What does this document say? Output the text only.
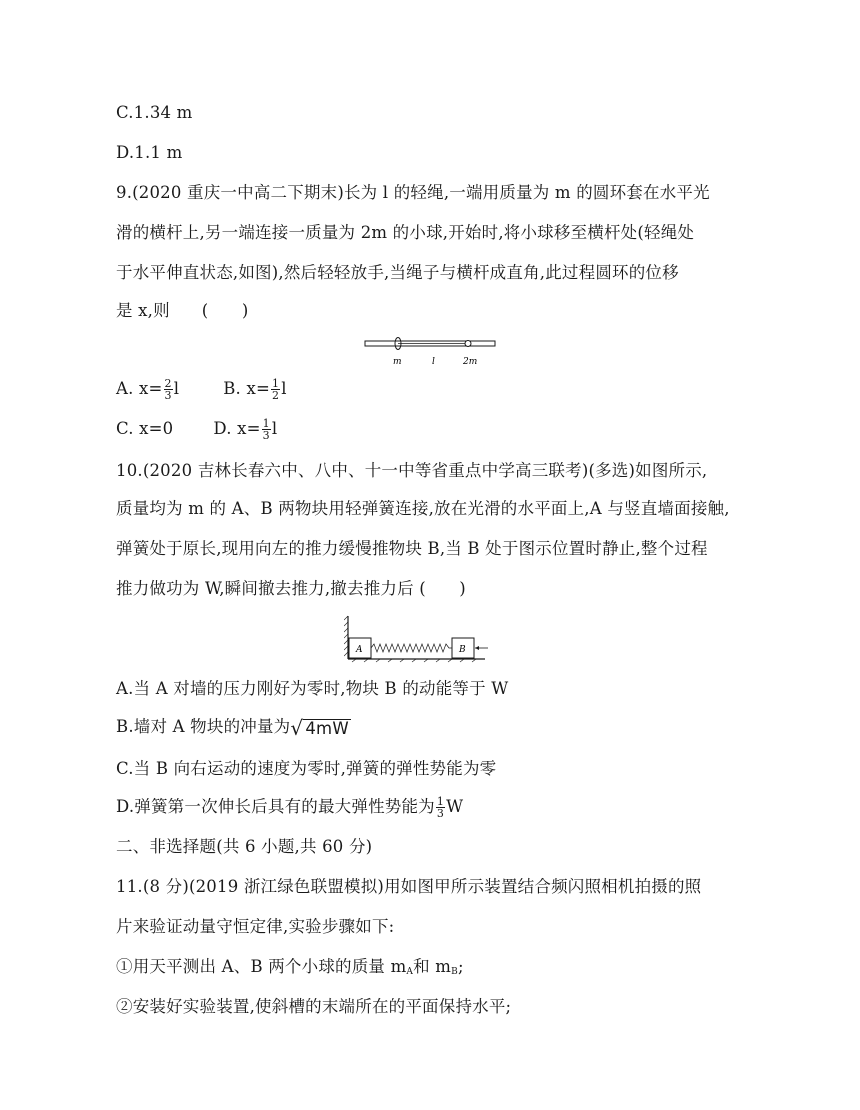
C.1.34 m
D.1.1 m
9.(2020 重庆一中高二下期末)长为 l 的轻绳,一端用质量为 m 的圆环套在水平光
滑的横杆上,另一端连接一质量为 2m 的小球,开始时,将小球移至横杆处(轻绳处
于水平伸直状态,如图),然后轻轻放手,当绳子与横杆成直角,此过程圆环的位移
是 x,则 (　　)
m	l	2m
A. $x= \frac{2}{3}$ l	B. $x= \frac{1}{2}$ l
C. x=0 D. $x= \frac{1}{3}$ l
10.(2020 吉林长春六中、八中、十一中等省重点中学高三联考)(多选)如图所示,
质量均为 m 的 A、B 两物块用轻弹簧连接,放在光滑的水平面上,A 与竖直墙面接触,
弹簧处于原长,现用向左的推力缓慢推物块 B,当 B 处于图示位置时静止,整个过程
推力做功为 W,瞬间撤去推力,撤去推力后 (　　)
A	B
A.当 A 对墙的压力刚好为零时,物块 B 的动能等于 W
B.墙对 A 物块的冲量为 √ 4mW
C.当 B 向右运动的速度为零时,弹簧的弹性势能为零
D.弹簧第一次伸长后具有的最大弹性势能为 $\frac{1}{3}$ W
二、非选择题(共 6 小题,共 60 分)
11.(8 分)(2019 浙江绿色联盟模拟)用如图甲所示装置结合频闪照相机拍摄的照
片来验证动量守恒定律,实验步骤如下:
①用天平测出 A、B 两个小球的质量 $m_A$和 $m_B$;
②安装好实验装置,使斜槽的末端所在的平面保持水平;
